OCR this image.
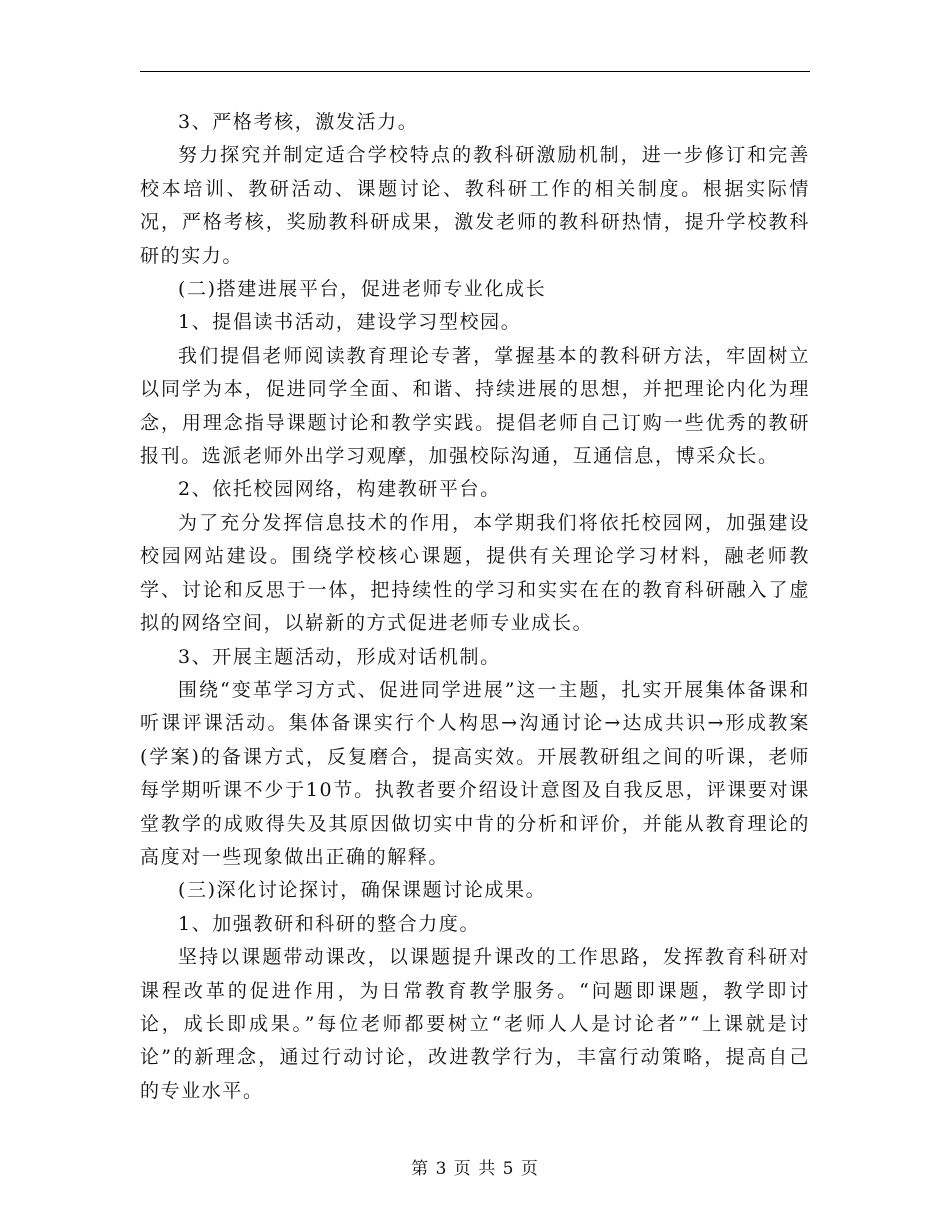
3、严格考核，激发活力。

努力探究并制定适合学校特点的教科研激励机制，进一步修订和完善校本培训、教研活动、课题讨论、教科研工作的相关制度。根据实际情况，严格考核，奖励教科研成果，激发老师的教科研热情，提升学校教科研的实力。

(二)搭建进展平台，促进老师专业化成长

1、提倡读书活动，建设学习型校园。

我们提倡老师阅读教育理论专著，掌握基本的教科研方法，牢固树立以同学为本，促进同学全面、和谐、持续进展的思想，并把理论内化为理念，用理念指导课题讨论和教学实践。提倡老师自己订购一些优秀的教研报刊。选派老师外出学习观摩，加强校际沟通，互通信息，博采众长。

2、依托校园网络，构建教研平台。

为了充分发挥信息技术的作用，本学期我们将依托校园网，加强建设校园网站建设。围绕学校核心课题，提供有关理论学习材料，融老师教学、讨论和反思于一体，把持续性的学习和实实在在的教育科研融入了虚拟的网络空间，以崭新的方式促进老师专业成长。

3、开展主题活动，形成对话机制。

围绕“变革学习方式、促进同学进展”这一主题，扎实开展集体备课和听课评课活动。集体备课实行个人构思→沟通讨论→达成共识→形成教案(学案)的备课方式，反复磨合，提高实效。开展教研组之间的听课，老师每学期听课不少于10节。执教者要介绍设计意图及自我反思，评课要对课堂教学的成败得失及其原因做切实中肯的分析和评价，并能从教育理论的高度对一些现象做出正确的解释。

(三)深化讨论探讨，确保课题讨论成果。

1、加强教研和科研的整合力度。

坚持以课题带动课改，以课题提升课改的工作思路，发挥教育科研对课程改革的促进作用，为日常教育教学服务。“问题即课题，教学即讨论，成长即成果。”每位老师都要树立“老师人人是讨论者”“上课就是讨论”的新理念，通过行动讨论，改进教学行为，丰富行动策略，提高自己的专业水平。

第 3 页 共 5 页
